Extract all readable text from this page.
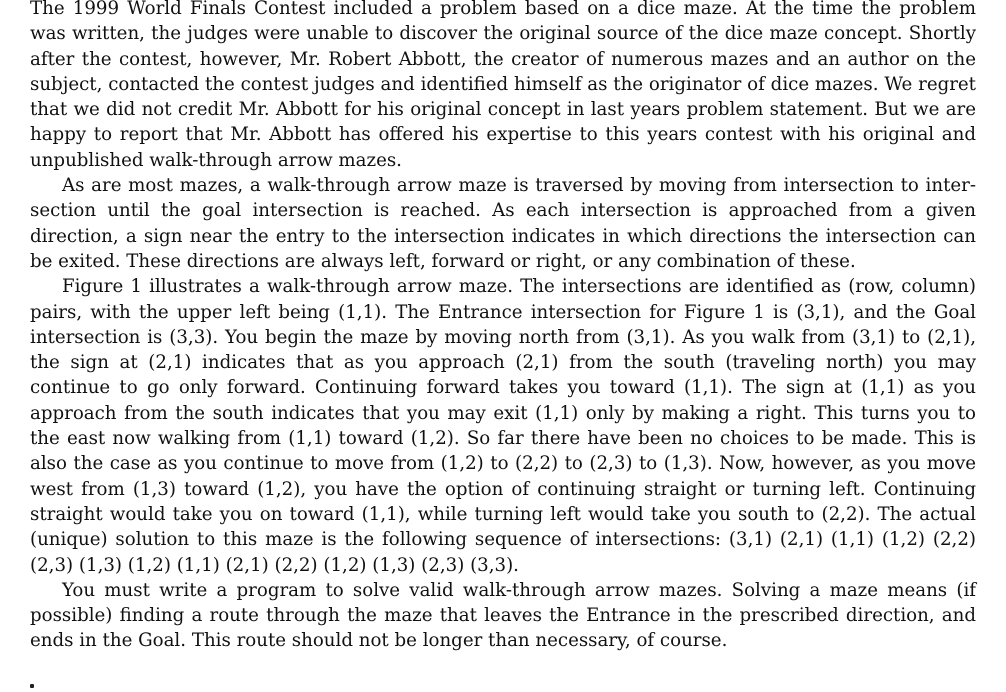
The 1999 World Finals Contest included a problem based on a dice maze. At the time the problem was written, the judges were unable to discover the original source of the dice maze concept. Shortly after the contest, however, Mr. Robert Abbott, the creator of numerous mazes and an author on the subject, contacted the contest judges and identified himself as the originator of dice mazes. We regret that we did not credit Mr. Abbott for his original concept in last years problem statement. But we are happy to report that Mr. Abbott has offered his expertise to this years contest with his original and unpublished walk-through arrow mazes.

As are most mazes, a walk-through arrow maze is traversed by moving from intersection to intersection until the goal intersection is reached. As each intersection is approached from a given direction, a sign near the entry to the intersection indicates in which directions the intersection can be exited. These directions are always left, forward or right, or any combination of these.

Figure 1 illustrates a walk-through arrow maze. The intersections are identified as (row, column) pairs, with the upper left being (1,1). The Entrance intersection for Figure 1 is (3,1), and the Goal intersection is (3,3). You begin the maze by moving north from (3,1). As you walk from (3,1) to (2,1), the sign at (2,1) indicates that as you approach (2,1) from the south (traveling north) you may continue to go only forward. Continuing forward takes you toward (1,1). The sign at (1,1) as you approach from the south indicates that you may exit (1,1) only by making a right. This turns you to the east now walking from (1,1) toward (1,2). So far there have been no choices to be made. This is also the case as you continue to move from (1,2) to (2,2) to (2,3) to (1,3). Now, however, as you move west from (1,3) toward (1,2), you have the option of continuing straight or turning left. Continuing straight would take you on toward (1,1), while turning left would take you south to (2,2). The actual (unique) solution to this maze is the following sequence of intersections: (3,1) (2,1) (1,1) (1,2) (2,2) (2,3) (1,3) (1,2) (1,1) (2,1) (2,2) (1,2) (1,3) (2,3) (3,3).

You must write a program to solve valid walk-through arrow mazes. Solving a maze means (if possible) finding a route through the maze that leaves the Entrance in the prescribed direction, and ends in the Goal. This route should not be longer than necessary, of course.
